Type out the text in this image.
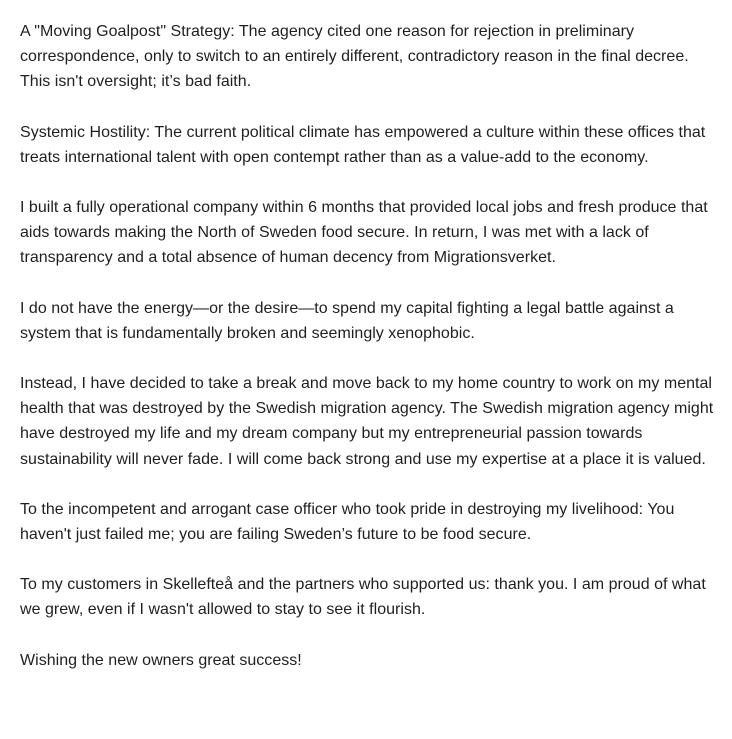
A "Moving Goalpost" Strategy: The agency cited one reason for rejection in preliminary correspondence, only to switch to an entirely different, contradictory reason in the final decree. This isn't oversight; it’s bad faith.

Systemic Hostility: The current political climate has empowered a culture within these offices that treats international talent with open contempt rather than as a value-add to the economy.

I built a fully operational company within 6 months that provided local jobs and fresh produce that aids towards making the North of Sweden food secure. In return, I was met with a lack of transparency and a total absence of human decency from Migrationsverket.

I do not have the energy—or the desire—to spend my capital fighting a legal battle against a system that is fundamentally broken and seemingly xenophobic.

Instead, I have decided to take a break and move back to my home country to work on my mental health that was destroyed by the Swedish migration agency. The Swedish migration agency might have destroyed my life and my dream company but my entrepreneurial passion towards sustainability will never fade. I will come back strong and use my expertise at a place it is valued.

To the incompetent and arrogant case officer who took pride in destroying my livelihood: You haven't just failed me; you are failing Sweden’s future to be food secure.

To my customers in Skellefteå and the partners who supported us: thank you. I am proud of what we grew, even if I wasn't allowed to stay to see it flourish.

Wishing the new owners great success!
